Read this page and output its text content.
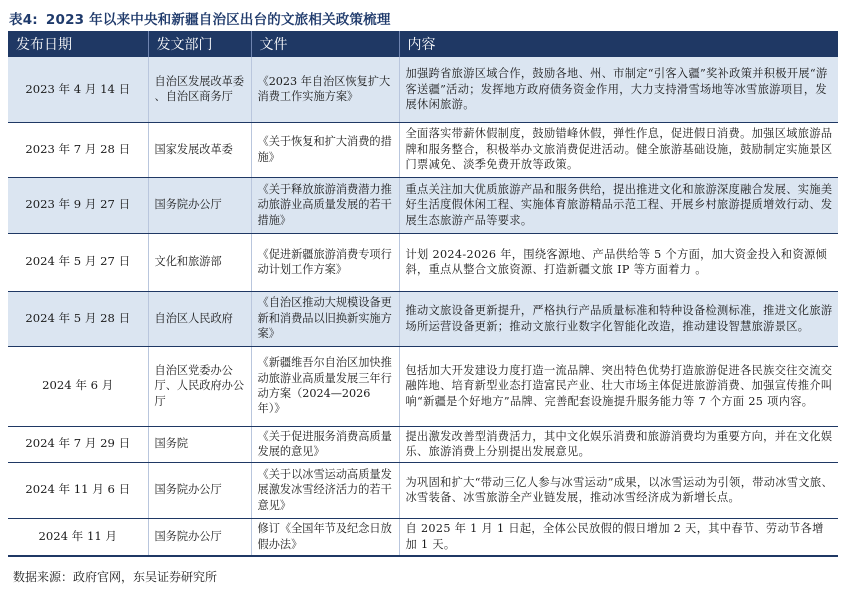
表4: 2023 年以来中央和新疆自治区出台的文旅相关政策梳理
发布日期	发文部门	文件	内容
2023 年 4 月 14 日	自治区发展改革委 、自治区商务厅	《2023 年自治区恢复扩大消费工作实施方案》	加强跨省旅游区域合作，鼓励各地、州、市制定“引客入疆”奖补政策并积极开展“游客送疆”活动；发挥地方政府债务资金作用，大力支持滑雪场地等冰雪旅游项目，发展休闲旅游。
2023 年 7 月 28 日	国家发展改革委	《关于恢复和扩大消费的措施》	全面落实带薪休假制度，鼓励错峰休假，弹性作息，促进假日消费。加强区域旅游品牌和服务整合，积极举办文旅消费促进活动。健全旅游基础设施，鼓励制定实施景区门票减免、淡季免费开放等政策。
2023 年 9 月 27 日	国务院办公厅	《关于释放旅游消费潜力推动旅游业高质量发展的若干措施》	重点关注加大优质旅游产品和服务供给，提出推进文化和旅游深度融合发展、实施美好生活度假休闲工程、实施体育旅游精品示范工程、开展乡村旅游提质增效行动、发展生态旅游产品等要求。
2024 年 5 月 27 日	文化和旅游部	《促进新疆旅游消费专项行动计划工作方案》	计划 2024-2026 年，围绕客源地、产品供给等 5 个方面，加大资金投入和资源倾斜，重点从整合文旅资源、打造新疆文旅 IP 等方面着力 。
2024 年 5 月 28 日	自治区人民政府	《自治区推动大规模设备更新和消费品以旧换新实施方案》	推动文旅设备更新提升，严格执行产品质量标准和特种设备检测标准，推进文化旅游场所运营设备更新；推动文旅行业数字化智能化改造，推动建设智慧旅游景区。
2024 年 6 月	自治区党委办公厅、人民政府办公厅	《新疆维吾尔自治区加快推动旅游业高质量发展三年行动方案（2024—2026 年）》	包括加大开发建设力度打造一流品牌、突出特色优势打造旅游促进各民族交往交流交融阵地、培育新型业态打造富民产业、壮大市场主体促进旅游消费、加强宣传推介叫响“新疆是个好地方”品牌、完善配套设施提升服务能力等 7 个方面 25 项内容。
2024 年 7 月 29 日	国务院	《关于促进服务消费高质量发展的意见》	提出激发改善型消费活力，其中文化娱乐消费和旅游消费均为重要方向，并在文化娱乐、旅游消费上分别提出发展意见。
2024 年 11 月 6 日	国务院办公厅	《关于以冰雪运动高质量发展激发冰雪经济活力的若干意见》	为巩固和扩大“带动三亿人参与冰雪运动”成果，以冰雪运动为引领，带动冰雪文旅、冰雪装备、冰雪旅游全产业链发展，推动冰雪经济成为新增长点。
2024 年 11 月	国务院办公厅	修订《全国年节及纪念日放假办法》	自 2025 年 1 月 1 日起，全体公民放假的假日增加 2 天，其中春节、劳动节各增加 1 天。
数据来源：政府官网，东吴证券研究所
